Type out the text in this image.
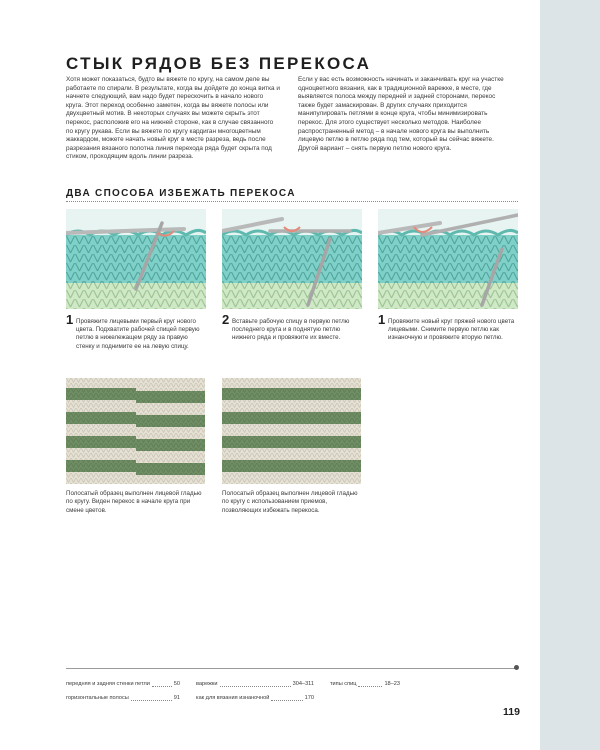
СТЫК РЯДОВ БЕЗ ПЕРЕКОСА

Хотя может показаться, будто вы вяжете по кругу, на самом деле вы работаете по спирали. В результате, когда вы дойдете до конца витка и начнете следующий, вам надо будет перескочить в начало нового круга. Этот переход особенно заметен, когда вы вяжете полосы или двухцветный мотив. В некоторых случаях вы можете скрыть этот перекос, расположив его на нижней стороне, как в случае связанного по кругу рукава. Если вы вяжете по кругу кардиган многоцветным жаккардом, можете начать новый круг в месте разреза, ведь после разрезания вязаного полотна линия перехода ряда будет скрыта под стиком, проходящим вдоль линии разреза.

Если у вас есть возможность начинать и заканчивать круг на участке одноцветного вязания, как в традиционной варежке, в месте, где выявляется полоса между передней и задней сторонами, перекос также будет замаскирован. В других случаях приходится манипулировать петлями в конце круга, чтобы минимизировать перекос. Для этого существует несколько методов. Наиболее распространенный метод – в начале нового круга вы выполнить лицевую петлю в петлю ряда под тем, который вы сейчас вяжете. Другой вариант – снять первую петлю нового круга.

ДВА СПОСОБА ИЗБЕЖАТЬ ПЕРЕКОСА
1 Провяжите лицевыми первый круг нового цвета. Подхватите рабочей спицей первую петлю в нижележащем ряду за правую стенку и поднимите ее на левую спицу.
2 Вставьте рабочую спицу в первую петлю последнего круга и в поднятую петлю нижнего ряда и провяжите их вместе.
1 Провяжите новый круг пряжей нового цвета лицевыми. Снимите первую петлю как изнаночную и провяжите вторую петлю.
Полосатый образец выполнен лицевой гладью по кругу. Виден перекос в начале круга при смене цветов.
Полосатый образец выполнен лицевой гладью по кругу с использованием приемов, позволяющих избежать перекоса.
передняя и задняя стенки петли	50
горизонтальные полосы	91
варежки	304–311
как для вязания изнаночной	170
типы спиц	18–23
119
